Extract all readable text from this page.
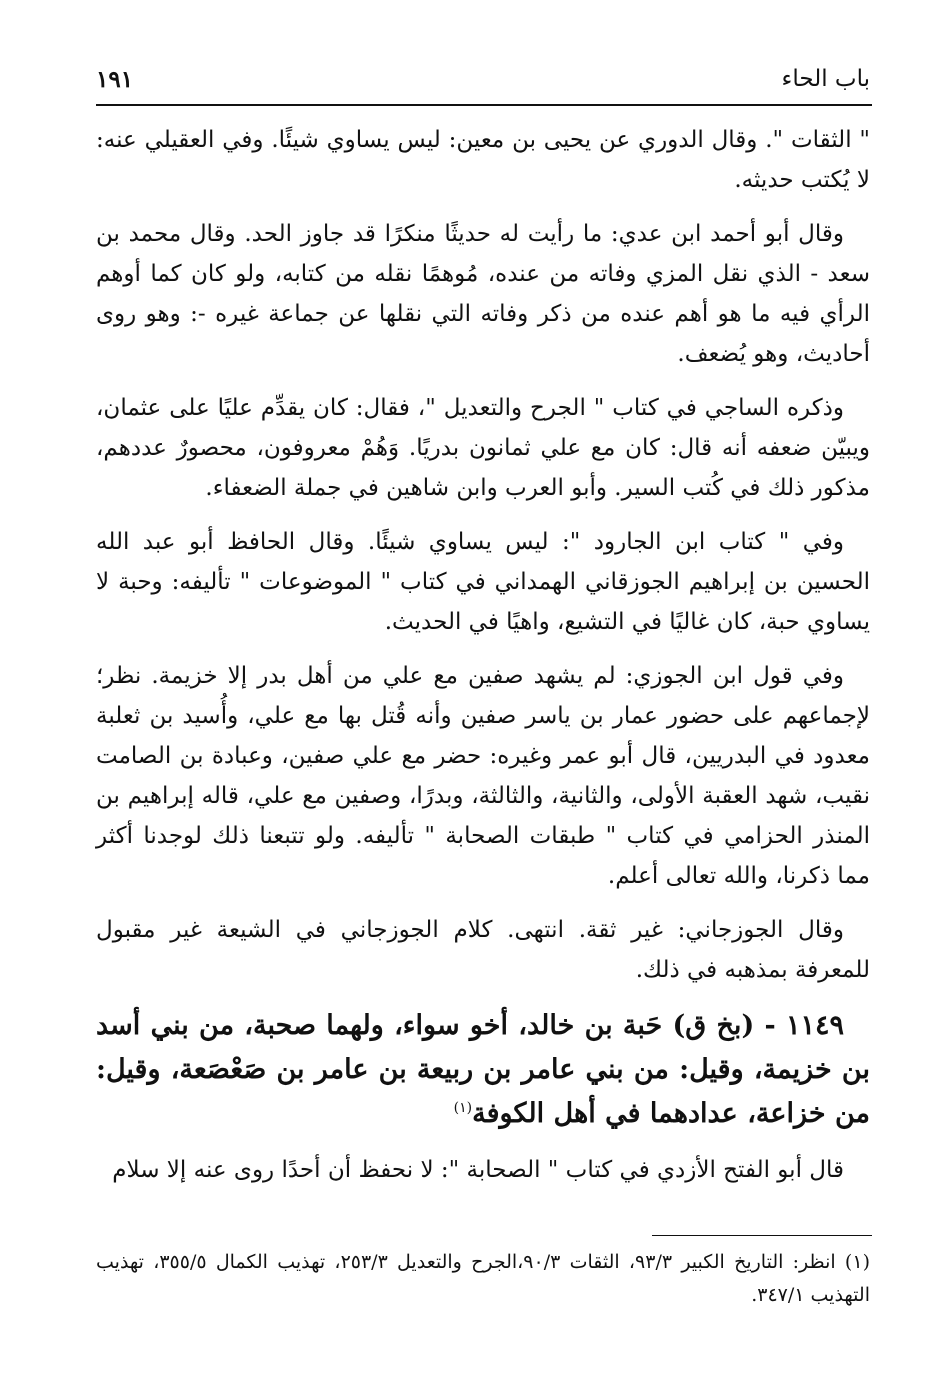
باب الحاء
١٩١

" الثقات ". وقال الدوري عن يحيى بن معين: ليس يساوي شيئًا. وفي العقيلي عنه: لا يُكتب حديثه.

وقال أبو أحمد ابن عدي: ما رأيت له حديثًا منكرًا قد جاوز الحد. وقال محمد بن سعد - الذي نقل المزي وفاته من عنده، مُوهمًا نقله من كتابه، ولو كان كما أوهم الرأي فيه ما هو أهم عنده من ذكر وفاته التي نقلها عن جماعة غيره -: وهو روى أحاديث، وهو يُضعف.

وذكره الساجي في كتاب " الجرح والتعديل "، فقال: كان يقدِّم عليًا على عثمان، ويبيّن ضعفه أنه قال: كان مع علي ثمانون بدريًا. وَهُمْ معروفون، محصورٌ عددهم، مذكور ذلك في كُتب السير. وأبو العرب وابن شاهين في جملة الضعفاء.

وفي " كتاب ابن الجارود ": ليس يساوي شيئًا. وقال الحافظ أبو عبد الله الحسين بن إبراهيم الجوزقاني الهمداني في كتاب " الموضوعات " تأليفه: وحبة لا يساوي حبة، كان غاليًا في التشيع، واهيًا في الحديث.

وفي قول ابن الجوزي: لم يشهد صفين مع علي من أهل بدر إلا خزيمة. نظر؛ لإجماعهم على حضور عمار بن ياسر صفين وأنه قُتل بها مع علي، وأُسيد بن ثعلبة معدود في البدريين، قال أبو عمر وغيره: حضر مع علي صفين، وعبادة بن الصامت نقيب، شهد العقبة الأولى، والثانية، والثالثة، وبدرًا، وصفين مع علي، قاله إبراهيم بن المنذر الحزامي في كتاب " طبقات الصحابة " تأليفه. ولو تتبعنا ذلك لوجدنا أكثر مما ذكرنا، والله تعالى أعلم.

وقال الجوزجاني: غير ثقة. انتهى. كلام الجوزجاني في الشيعة غير مقبول للمعرفة بمذهبه في ذلك.

١١٤٩ - (بخ ق) حَبة بن خالد، أخو سواء، ولهما صحبة، من بني أسد بن خزيمة، وقيل: من بني عامر بن ربيعة بن عامر بن صَعْصَعة، وقيل: من خزاعة، عدادهما في أهل الكوفة$^{(١)}$

قال أبو الفتح الأزدي في كتاب " الصحابة ": لا نحفظ أن أحدًا روى عنه إلا سلام

(١) انظر: التاريخ الكبير ٩٣/٣، الثقات ٩٠/٣،الجرح والتعديل ٢٥٣/٣، تهذيب الكمال ٣٥٥/٥، تهذيب التهذيب ٣٤٧/١.
